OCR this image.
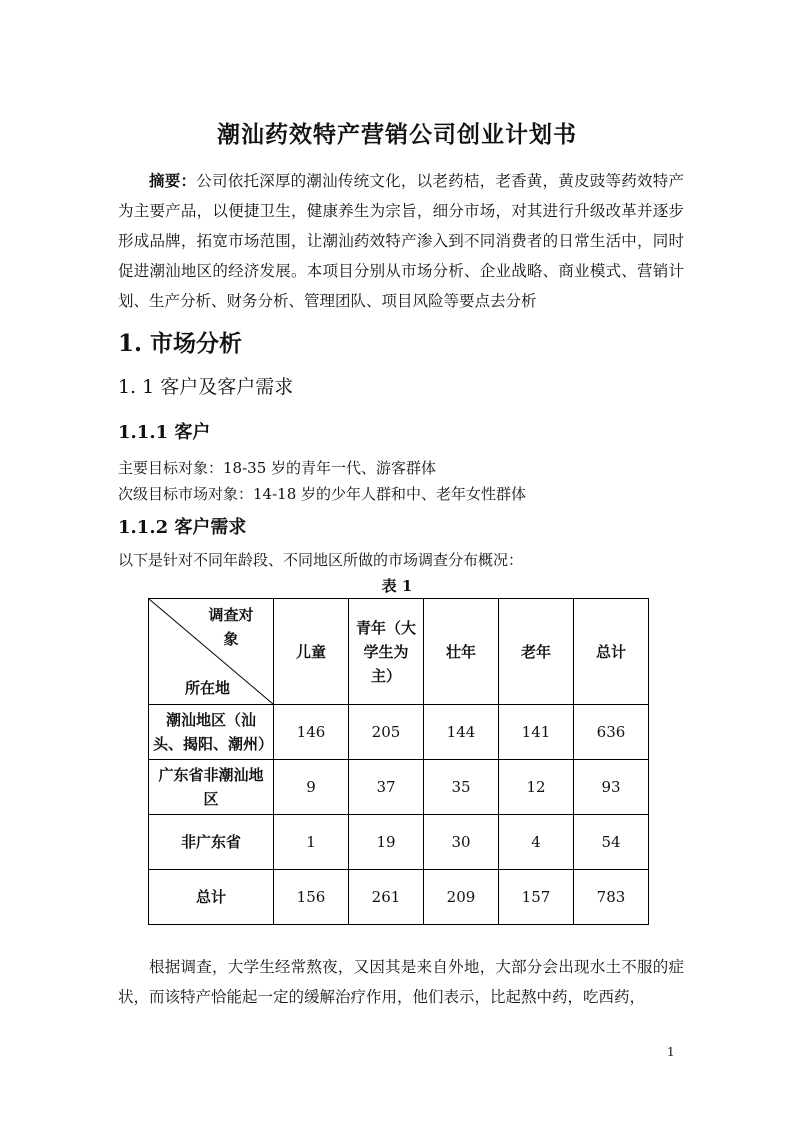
潮汕药效特产营销公司创业计划书

摘要：公司依托深厚的潮汕传统文化，以老药桔，老香黄，黄皮豉等药效特产为主要产品，以便捷卫生，健康养生为宗旨，细分市场，对其进行升级改革并逐步形成品牌，拓宽市场范围，让潮汕药效特产渗入到不同消费者的日常生活中，同时促进潮汕地区的经济发展。本项目分别从市场分析、企业战略、商业模式、营销计划、生产分析、财务分析、管理团队、项目风险等要点去分析

1. 市场分析
1. 1 客户及客户需求
1.1.1 客户
主要目标对象：18-35 岁的青年一代、游客群体
次级目标市场对象：14-18 岁的少年人群和中、老年女性群体
1.1.2 客户需求
以下是针对不同年龄段、不同地区所做的市场调查分布概况：
表 1
调查对象
所在地	儿童	青年（大学生为主）	壮年	老年	总计
潮汕地区（汕头、揭阳、潮州）	146	205	144	141	636
广东省非潮汕地区	9	37	35	12	93
非广东省	1	19	30	4	54
总计	156	261	209	157	783

根据调查，大学生经常熬夜，又因其是来自外地，大部分会出现水土不服的症状，而该特产恰能起一定的缓解治疗作用，他们表示，比起熬中药，吃西药，

1
